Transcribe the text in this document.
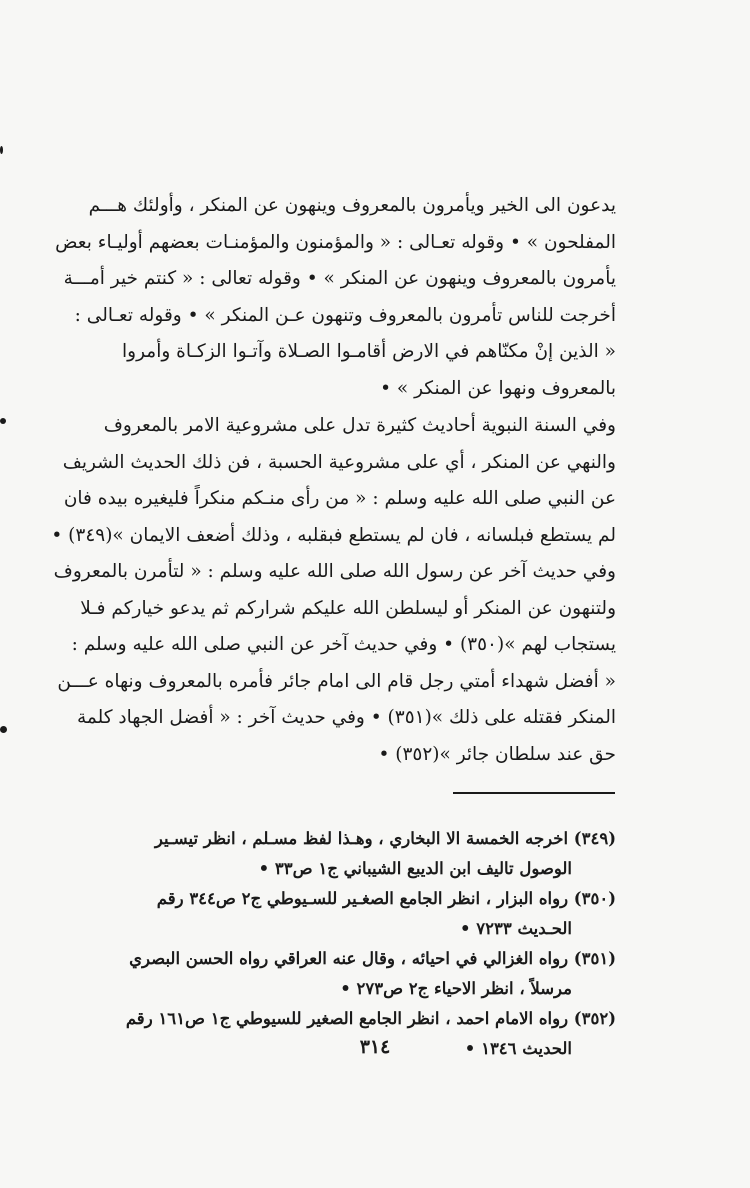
يدعون الى الخير ويأمرون بالمعروف وينهون عن المنكر ، وأولئك هـــم
المفلحون » • وقوله تعـالى : « والمؤمنون والمؤمنـات بعضهم أوليـاء بعض
يأمرون بالمعروف وينهون عن المنكر » • وقوله تعالى : « كنتم خير أمـــة
أخرجت للناس تأمرون بالمعروف وتنهون عـن المنكر » • وقوله تعـالى :
« الذين إنْ مكنّاهم في الارض أقامـوا الصـلاة وآتـوا الزكـاة وأمروا
بالمعروف ونهوا عن المنكر » •
وفي السنة النبوية أحاديث كثيرة تدل على مشروعية الامر بالمعروف
والنهي عن المنكر ، أي على مشروعية الحسبة ، فن ذلك الحديث الشريف
عن النبي صلى الله عليه وسلم : « من رأى منـكم منكراً فليغيره بيده فان
لم يستطع فبلسانه ، فان لم يستطع فبقلبه ، وذلك أضعف الايمان »(٣٤٩) •
وفي حديث آخر عن رسول الله صلى الله عليه وسلم : « لتأمرن بالمعروف
ولتنهون عن المنكر أو ليسلطن الله عليكم شراركم ثم يدعو خياركم فـلا
يستجاب لهم »(٣٥٠) • وفي حديث آخر عن النبي صلى الله عليه وسلم :
« أفضل شهداء أمتي رجل قام الى امام جائر فأمره بالمعروف ونهاه عـــن
المنكر فقتله على ذلك »(٣٥١) • وفي حديث آخر : « أفضل الجهاد كلمة
حق عند سلطان جائر »(٣٥٢) •
(٣٤٩) اخرجه الخمسة الا البخاري ، وهـذا لفظ مسـلم ، انظر تيسـير
الوصول تاليف ابن الديبع الشيباني ج١ ص٣٣ •
(٣٥٠) رواه البزار ، انظر الجامع الصغـير للسـيوطي ج٢ ص٣٤٤ رقم
الحـديث ٧٢٣٣ •
(٣٥١) رواه الغزالي في احيائه ، وقال عنه العراقي رواه الحسن البصري
مرسلاً ، انظر الاحياء ج٢ ص٢٧٣ •
(٣٥٢) رواه الامام احمد ، انظر الجامع الصغير للسيوطي ج١ ص١٦١ رقم
الحديث ١٣٤٦ •
٣١٤
